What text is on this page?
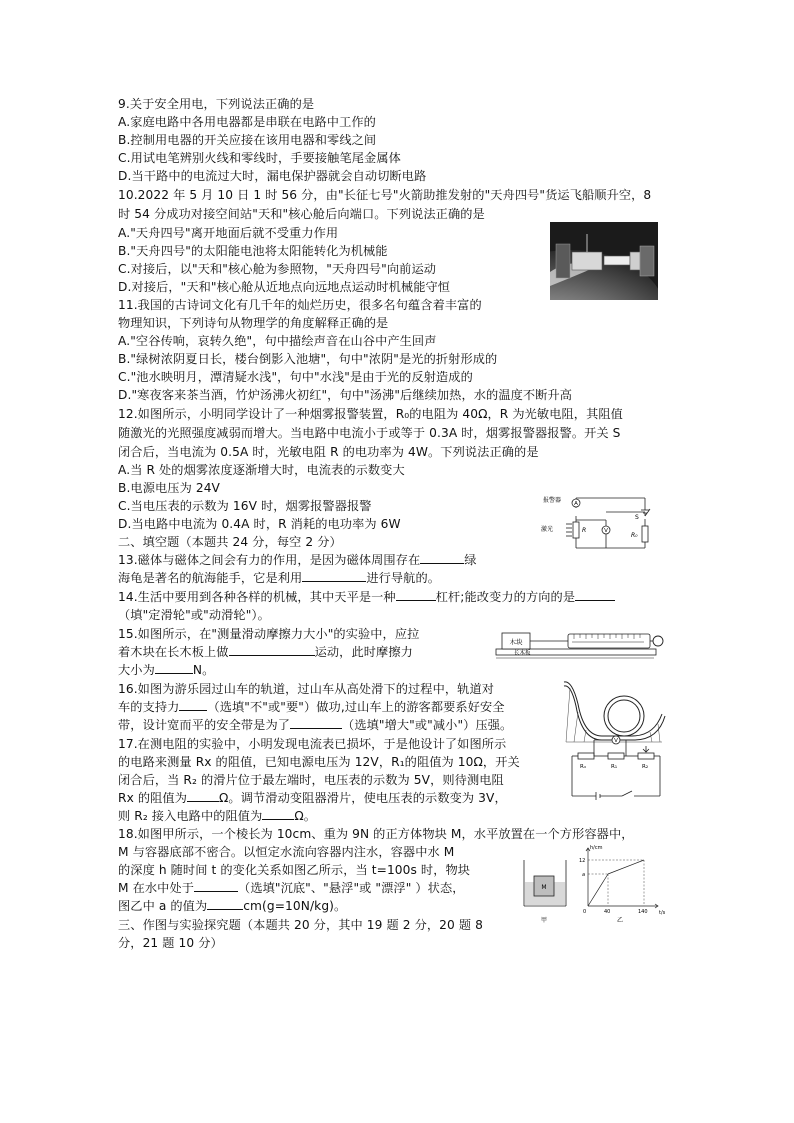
9.关于安全用电，下列说法正确的是
A.家庭电路中各用电器都是串联在电路中工作的
B.控制用电器的开关应接在该用电器和零线之间
C.用试电笔辨别火线和零线时，手要接触笔尾金属体
D.当干路中的电流过大时，漏电保护器就会自动切断电路
10.2022 年 5 月 10 日 1 时 56 分，由"长征七号"火箭助推发射的"天舟四号"货运飞船顺升空，8
时 54 分成功对接空间站"天和"核心舱后向端口。下列说法正确的是
A."天舟四号"离开地面后就不受重力作用
B."天舟四号"的太阳能电池将太阳能转化为机械能
C.对接后，以"天和"核心舱为参照物，"天舟四号"向前运动
D.对接后，"天和"核心舱从近地点向远地点运动时机械能守恒
11.我国的古诗词文化有几千年的灿烂历史，很多名句蕴含着丰富的
物理知识，下列诗句从物理学的角度解释正确的是
A."空谷传响，哀转久绝"，句中描绘声音在山谷中产生回声
B."绿树浓阴夏日长，楼台倒影入池塘"，句中"浓阴"是光的折射形成的
C."池水映明月，潭清疑水浅"，句中"水浅"是由于光的反射造成的
D."寒夜客来茶当酒，竹炉汤沸火初红"，句中"汤沸"后继续加热，水的温度不断升高
12.如图所示，小明同学设计了一种烟雾报警装置，R₀的电阻为 40Ω，R 为光敏电阻，其阻值
随激光的光照强度减弱而增大。当电路中电流小于或等于 0.3A 时，烟雾报警器报警。开关 S
闭合后，当电流为 0.5A 时，光敏电阻 R 的电功率为 4W。下列说法正确的是
A.当 R 处的烟雾浓度逐渐增大时，电流表的示数变大
B.电源电压为 24V
C.当电压表的示数为 16V 时，烟雾报警器报警
D.当电路中电流为 0.4A 时，R 消耗的电功率为 6W
A
V
报警器
激光	R
S
R₀
二、填空题（本题共 24 分，每空 2 分）
13.磁体与磁体之间会有力的作用，是因为磁体周围存在	绿
海龟是著名的航海能手，它是利用	进行导航的。
14.生活中要用到各种各样的机械，其中天平是一种	杠杆;能改变力的方向的是
（填"定滑轮"或"动滑轮"）。
15.如图所示，在"测量滑动摩擦力大小"的实验中，应拉
着木块在长木板上做	运动，此时摩擦力
大小为	N。
木块
长木板
16.如图为游乐园过山车的轨道，过山车从高处滑下的过程中，轨道对
车的支持力 （选填"不"或"要"）做功,过山车上的游客都要系好安全
带，设计宽而平的安全带是为了	（选填"增大"或"减小"）压强。
17.在测电阻的实验中，小明发现电流表已损坏，于是他设计了如图所示
的电路来测量 Rx 的阻值，已知电源电压为 12V，R₁的阻值为 10Ω，开关
闭合后，当 R₂ 的滑片位于最左端时，电压表的示数为 5V，则待测电阻
Rx 的阻值为	Ω。调节滑动变阻器滑片，使电压表的示数变为 3V，
则 R₂ 接入电路中的阻值为	Ω。
V
Rₓ	R₁	R₂
18.如图甲所示，一个棱长为 10cm、重为 9N 的正方体物块 M，水平放置在一个方形容器中，
M 与容器底部不密合。以恒定水流向容器内注水，容器中水 M
的深度 h 随时间 t 的变化关系如图乙所示，当 t=100s 时，物块
M 在水中处于	（选填"沉底"、"悬浮"或 "漂浮" ）状态，
图乙中 a 的值为	cm(g=10N/kg)。
M
甲
h/cm
t/s
12
a
0	40	140
乙
三、作图与实验探究题（本题共 20 分，其中 19 题 2 分，20 题 8
分，21 题 10 分）
